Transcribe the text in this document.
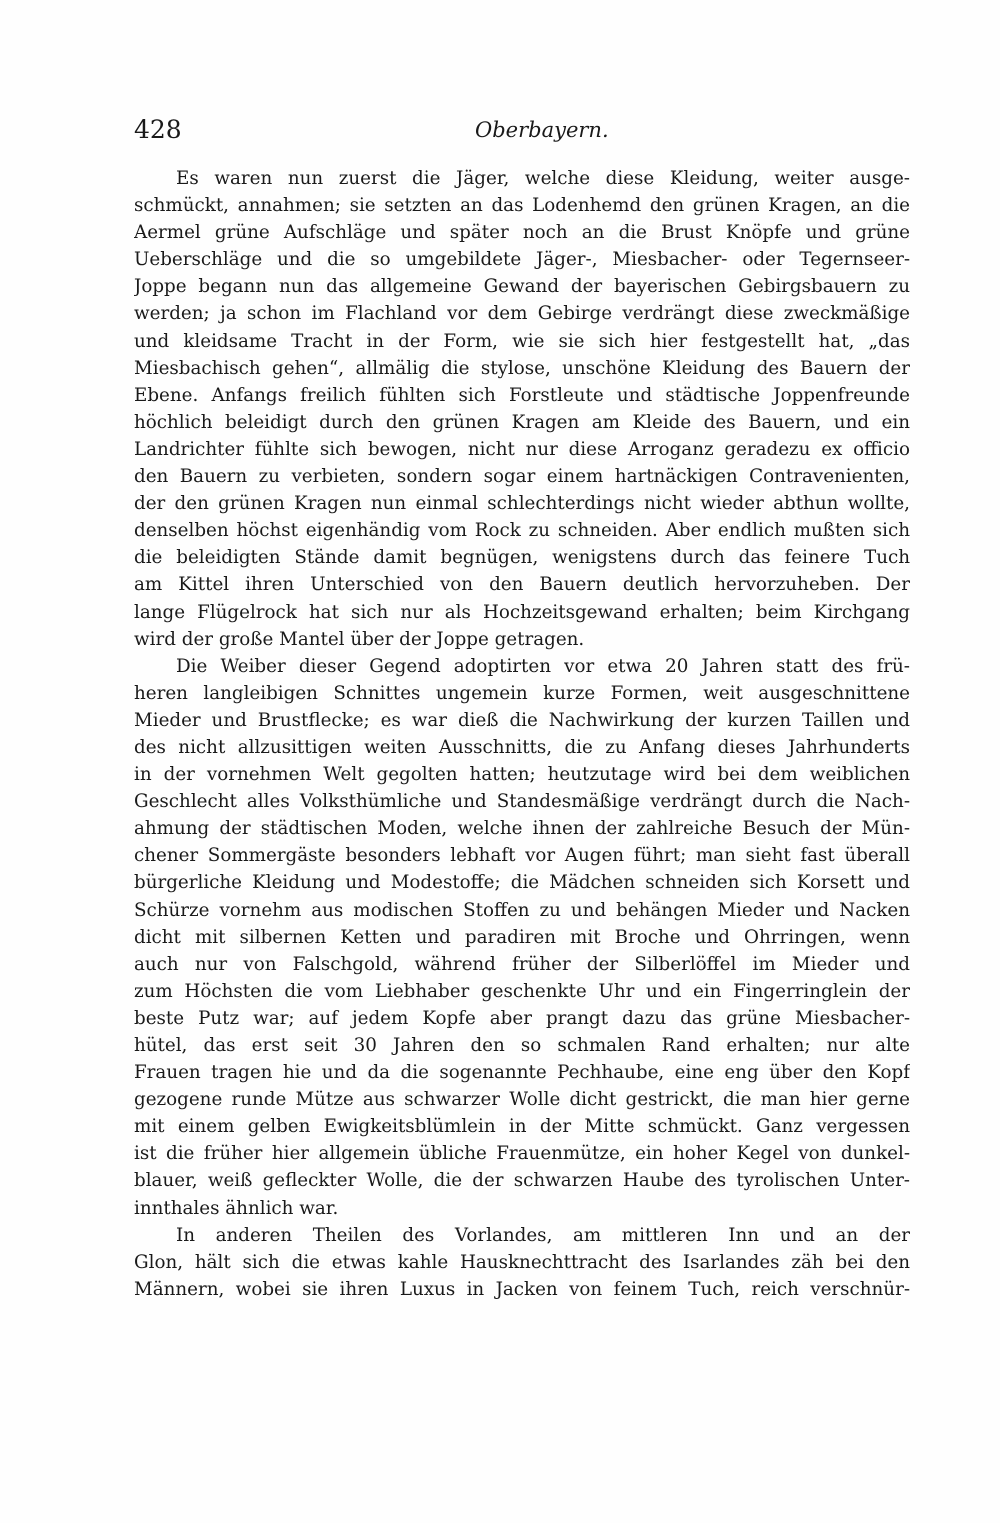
428	Oberbayern.
Es waren nun zuerst die Jäger, welche diese Kleidung, weiter ausge-
schmückt, annahmen; sie setzten an das Lodenhemd den grünen Kragen, an die
Aermel grüne Aufschläge und später noch an die Brust Knöpfe und grüne
Ueberschläge und die so umgebildete Jäger-, Miesbacher- oder Tegernseer-
Joppe begann nun das allgemeine Gewand der bayerischen Gebirgsbauern zu
werden; ja schon im Flachland vor dem Gebirge verdrängt diese zweckmäßige
und kleidsame Tracht in der Form, wie sie sich hier festgestellt hat, „das
Miesbachisch gehen“, allmälig die stylose, unschöne Kleidung des Bauern der
Ebene. Anfangs freilich fühlten sich Forstleute und städtische Joppenfreunde
höchlich beleidigt durch den grünen Kragen am Kleide des Bauern, und ein
Landrichter fühlte sich bewogen, nicht nur diese Arroganz geradezu ex officio
den Bauern zu verbieten, sondern sogar einem hartnäckigen Contravenienten,
der den grünen Kragen nun einmal schlechterdings nicht wieder abthun wollte,
denselben höchst eigenhändig vom Rock zu schneiden. Aber endlich mußten sich
die beleidigten Stände damit begnügen, wenigstens durch das feinere Tuch
am Kittel ihren Unterschied von den Bauern deutlich hervorzuheben. Der
lange Flügelrock hat sich nur als Hochzeitsgewand erhalten; beim Kirchgang
wird der große Mantel über der Joppe getragen.
Die Weiber dieser Gegend adoptirten vor etwa 20 Jahren statt des frü-
heren langleibigen Schnittes ungemein kurze Formen, weit ausgeschnittene
Mieder und Brustflecke; es war dieß die Nachwirkung der kurzen Taillen und
des nicht allzusittigen weiten Ausschnitts, die zu Anfang dieses Jahrhunderts
in der vornehmen Welt gegolten hatten; heutzutage wird bei dem weiblichen
Geschlecht alles Volksthümliche und Standesmäßige verdrängt durch die Nach-
ahmung der städtischen Moden, welche ihnen der zahlreiche Besuch der Mün-
chener Sommergäste besonders lebhaft vor Augen führt; man sieht fast überall
bürgerliche Kleidung und Modestoffe; die Mädchen schneiden sich Korsett und
Schürze vornehm aus modischen Stoffen zu und behängen Mieder und Nacken
dicht mit silbernen Ketten und paradiren mit Broche und Ohrringen, wenn
auch nur von Falschgold, während früher der Silberlöffel im Mieder und
zum Höchsten die vom Liebhaber geschenkte Uhr und ein Fingerringlein der
beste Putz war; auf jedem Kopfe aber prangt dazu das grüne Miesbacher-
hütel, das erst seit 30 Jahren den so schmalen Rand erhalten; nur alte
Frauen tragen hie und da die sogenannte Pechhaube, eine eng über den Kopf
gezogene runde Mütze aus schwarzer Wolle dicht gestrickt, die man hier gerne
mit einem gelben Ewigkeitsblümlein in der Mitte schmückt. Ganz vergessen
ist die früher hier allgemein übliche Frauenmütze, ein hoher Kegel von dunkel-
blauer, weiß gefleckter Wolle, die der schwarzen Haube des tyrolischen Unter-
innthales ähnlich war.
In anderen Theilen des Vorlandes, am mittleren Inn und an der
Glon, hält sich die etwas kahle Hausknechttracht des Isarlandes zäh bei den
Männern, wobei sie ihren Luxus in Jacken von feinem Tuch, reich verschnür-
